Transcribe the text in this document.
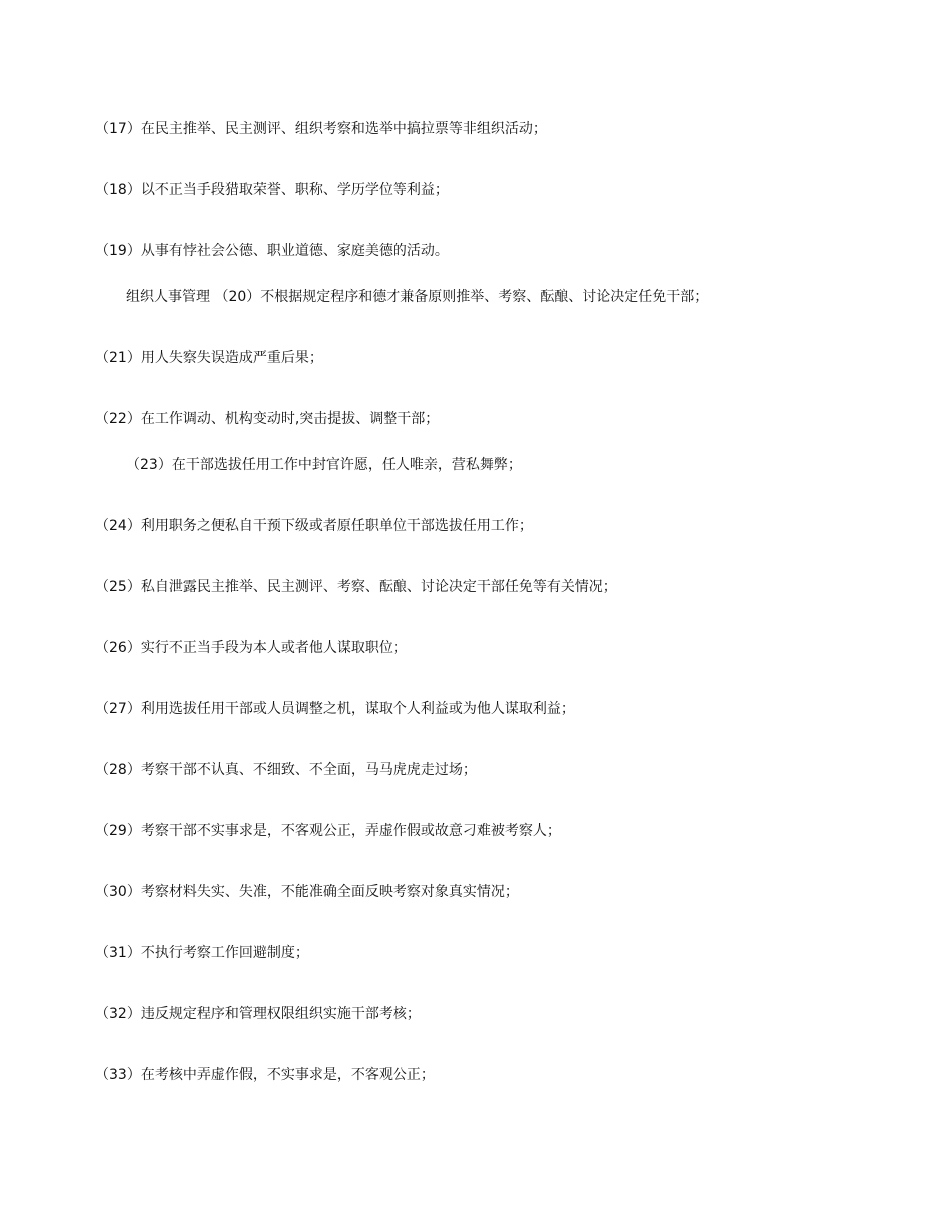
（17）在民主推举、民主测评、组织考察和选举中搞拉票等非组织活动；
（18）以不正当手段猎取荣誉、职称、学历学位等利益；
（19）从事有悖社会公德、职业道德、家庭美德的活动。
组织人事管理 （20）不根据规定程序和德才兼备原则推举、考察、酝酿、讨论决定任免干部；
（21）用人失察失误造成严重后果；
（22）在工作调动、机构变动时,突击提拔、调整干部；
（23）在干部选拔任用工作中封官许愿，任人唯亲，营私舞弊；
（24）利用职务之便私自干预下级或者原任职单位干部选拔任用工作；
（25）私自泄露民主推举、民主测评、考察、酝酿、讨论决定干部任免等有关情况；
（26）实行不正当手段为本人或者他人谋取职位；
（27）利用选拔任用干部或人员调整之机，谋取个人利益或为他人谋取利益；
（28）考察干部不认真、不细致、不全面，马马虎虎走过场；
（29）考察干部不实事求是，不客观公正，弄虚作假或故意刁难被考察人；
（30）考察材料失实、失准，不能准确全面反映考察对象真实情况；
（31）不执行考察工作回避制度；
（32）违反规定程序和管理权限组织实施干部考核；
（33）在考核中弄虚作假，不实事求是，不客观公正；
